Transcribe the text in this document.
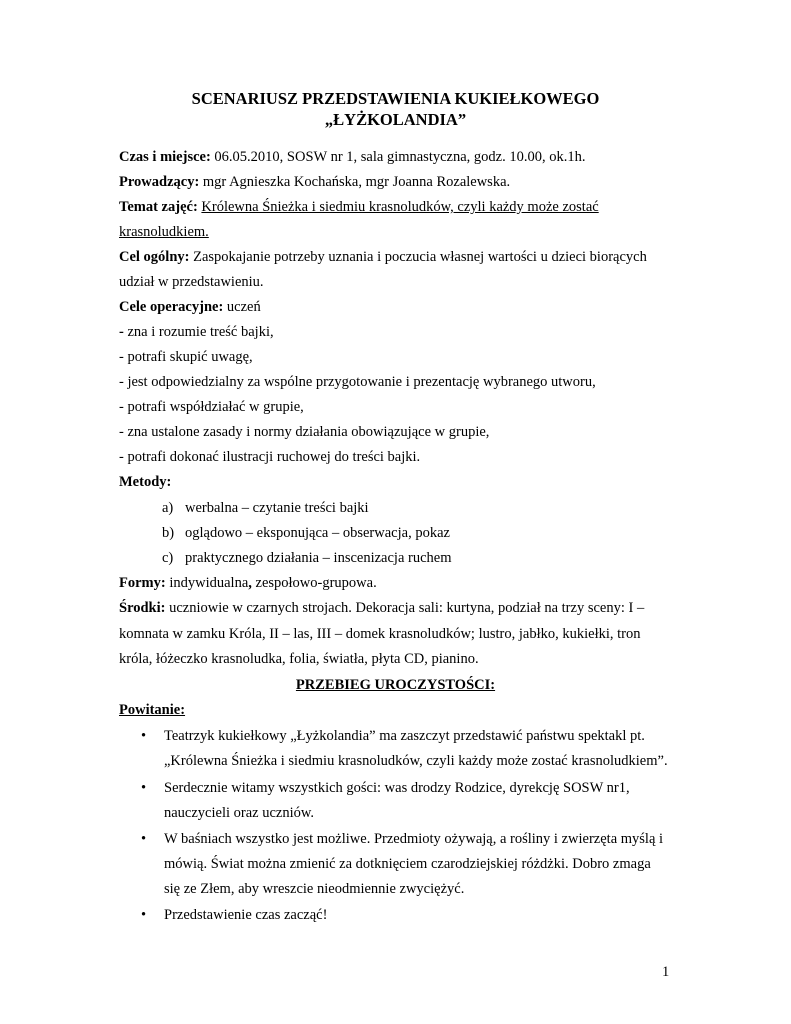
SCENARIUSZ PRZEDSTAWIENIA KUKIEŁKOWEGO
„ŁYŻKOLANDIA”
Czas i miejsce: 06.05.2010, SOSW nr 1, sala gimnastyczna, godz. 10.00, ok.1h.
Prowadzący: mgr Agnieszka Kochańska, mgr Joanna Rozalewska.
Temat zajęć: Królewna Śnieżka i siedmiu krasnoludków, czyli każdy może zostać
krasnoludkiem.
Cel ogólny: Zaspokajanie potrzeby uznania i poczucia własnej wartości u dzieci biorących
udział w przedstawieniu.
Cele operacyjne: uczeń
- zna i rozumie treść bajki,
- potrafi skupić uwagę,
- jest odpowiedzialny za wspólne przygotowanie i prezentację wybranego utworu,
- potrafi współdziałać w grupie,
- zna ustalone zasady i normy działania obowiązujące w grupie,
- potrafi dokonać ilustracji ruchowej do treści bajki.
Metody:
a) werbalna – czytanie treści bajki
b) oglądowo – eksponująca – obserwacja, pokaz
c) praktycznego działania – inscenizacja ruchem
Formy: indywidualna, zespołowo-grupowa.
Środki: uczniowie w czarnych strojach. Dekoracja sali: kurtyna, podział na trzy sceny: I –
komnata w zamku Króla, II – las, III – domek krasnoludków; lustro, jabłko, kukiełki, tron
króla, łóżeczko krasnoludka, folia, światła, płyta CD, pianino.
PRZEBIEG UROCZYSTOŚCI:
Powitanie:
• Teatrzyk kukiełkowy „Łyżkolandia” ma zaszczyt przedstawić państwu spektakl pt.
„Królewna Śnieżka i siedmiu krasnoludków, czyli każdy może zostać krasnoludkiem”.
• Serdecznie witamy wszystkich gości: was drodzy Rodzice, dyrekcję SOSW nr1,
nauczycieli oraz uczniów.
• W baśniach wszystko jest możliwe. Przedmioty ożywają, a rośliny i zwierzęta myślą i
mówią. Świat można zmienić za dotknięciem czarodziejskiej różdżki. Dobro zmaga
się ze Złem, aby wreszcie nieodmiennie zwyciężyć.
• Przedstawienie czas zacząć!
1
